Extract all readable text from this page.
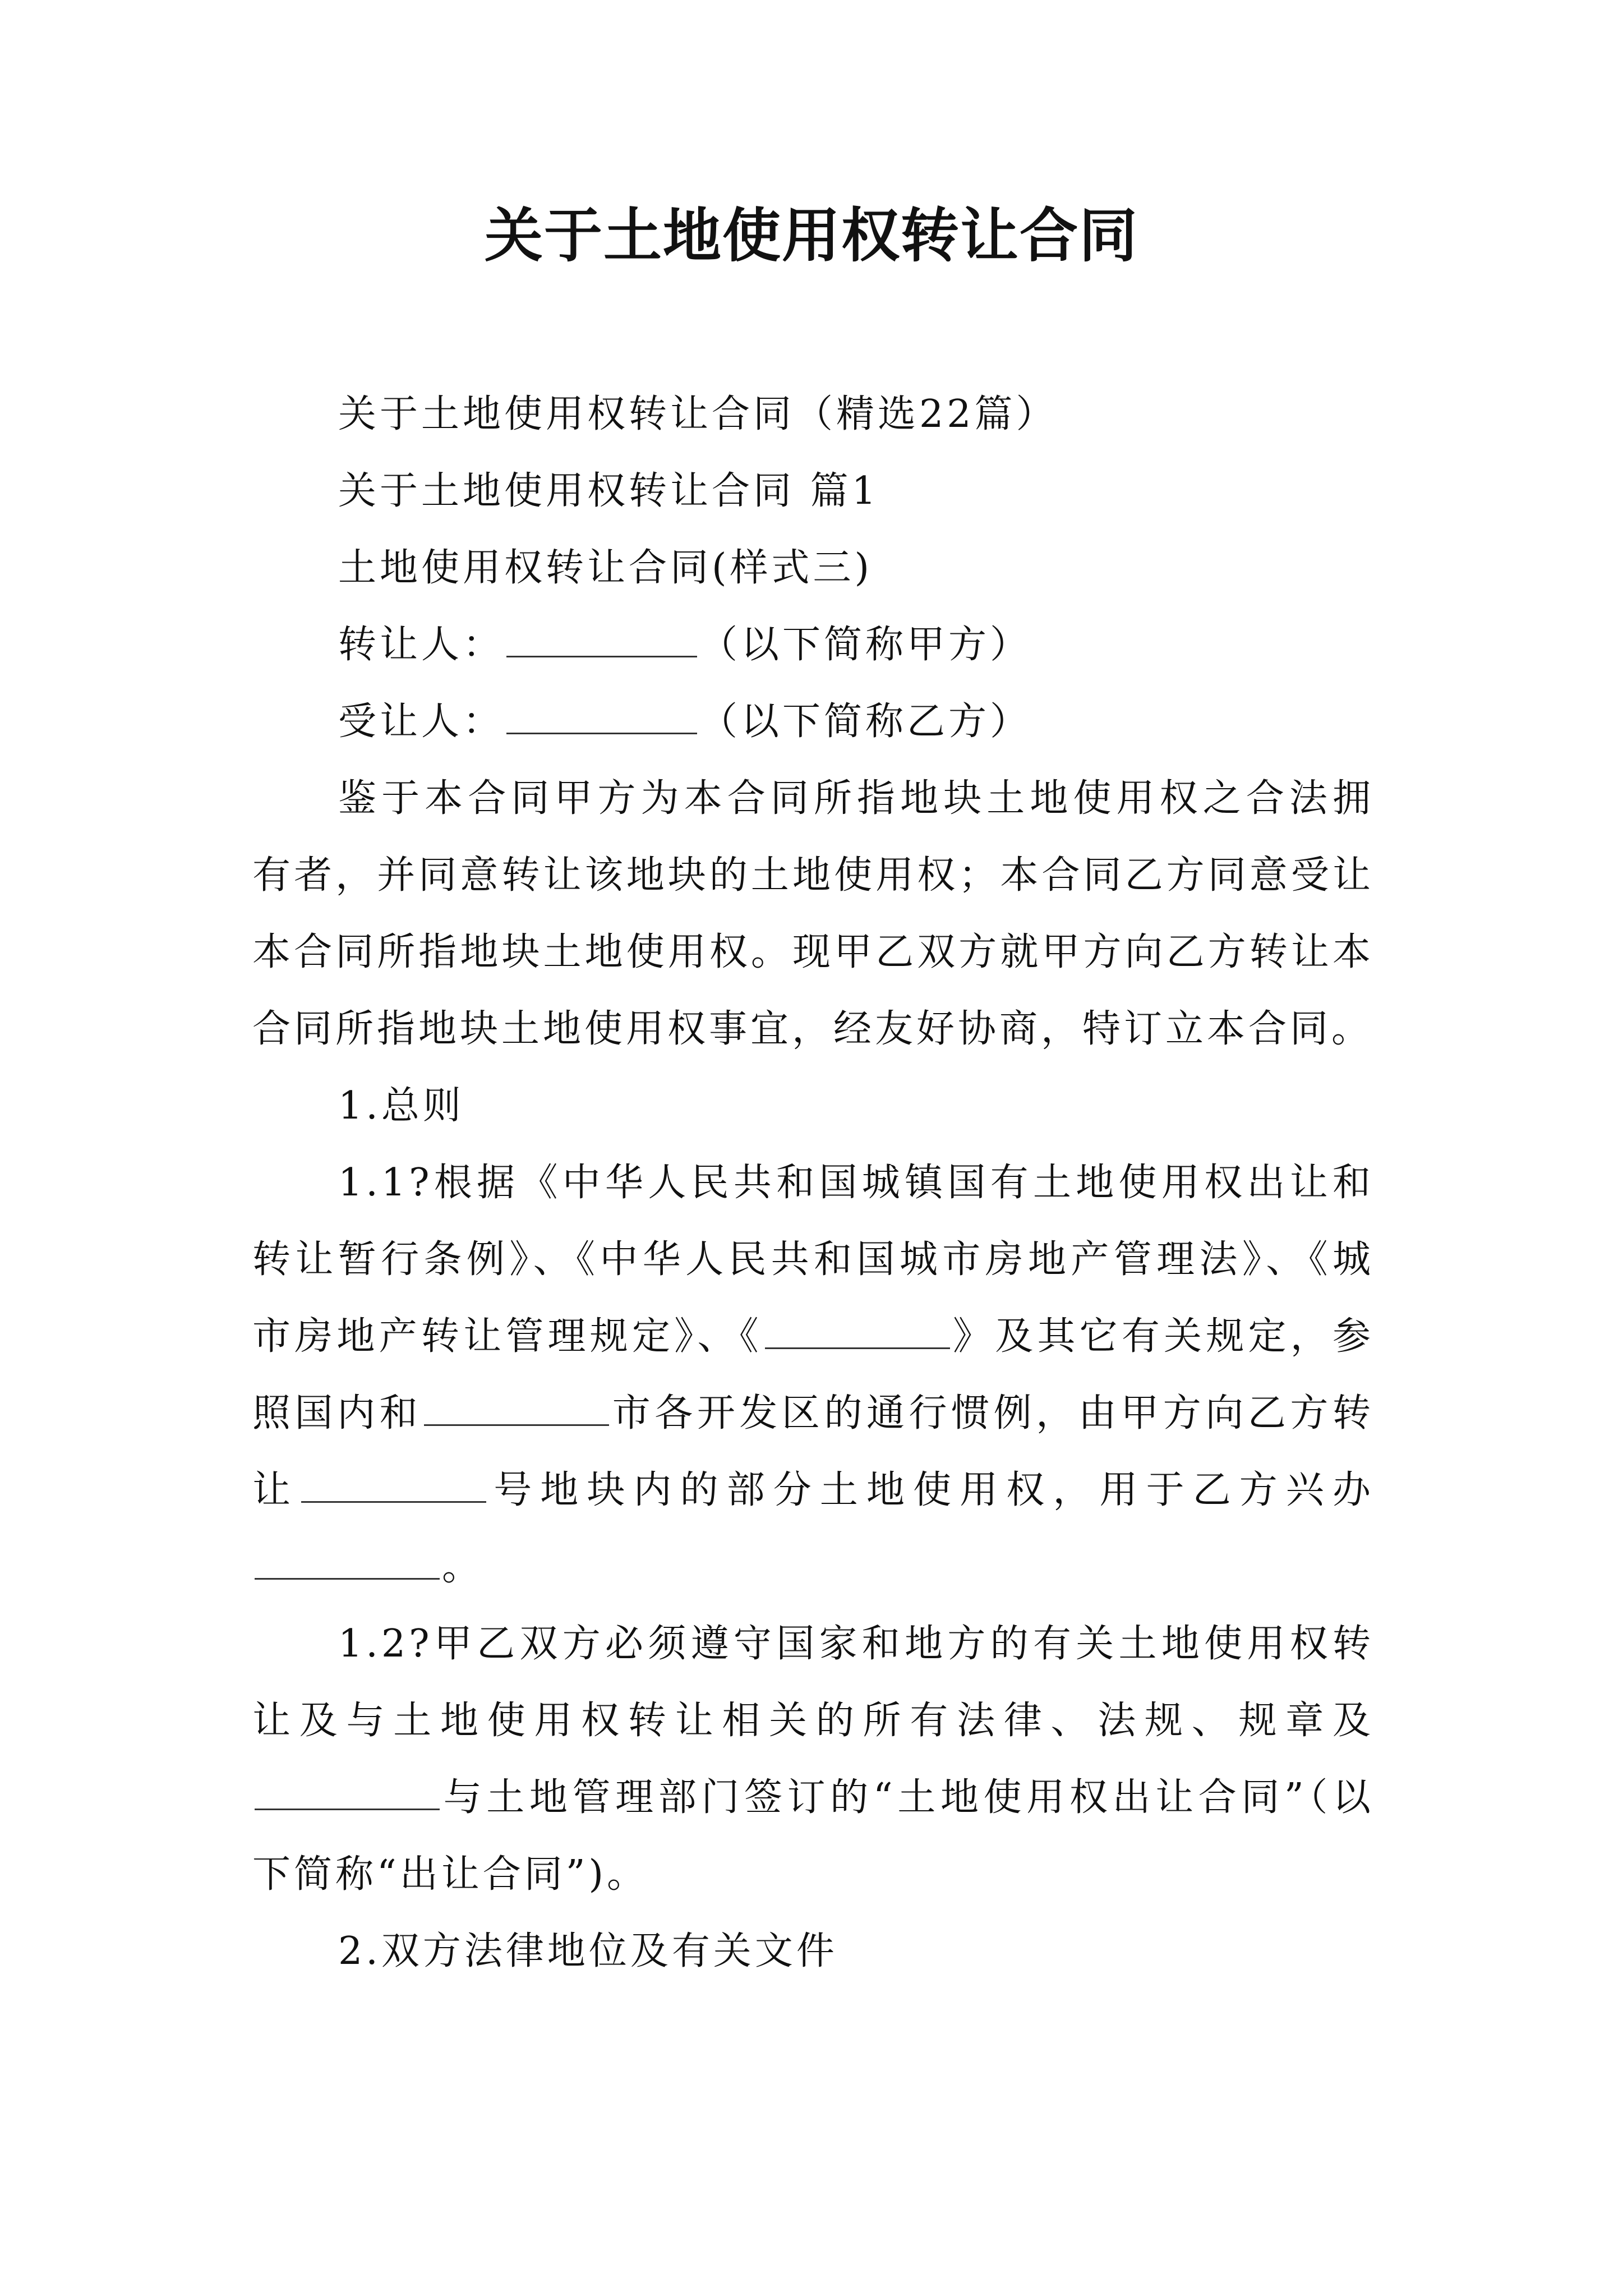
关于土地使用权转让合同

关于土地使用权转让合同（精选22篇）

关于土地使用权转让合同 篇1

土地使用权转让合同(样式三)

转让人：	（以下简称甲方）

受让人：	（以下简称乙方）

鉴于本合同甲方为本合同所指地块土地使用权之合法拥有者，并同意转让该地块的土地使用权；本合同乙方同意受让本合同所指地块土地使用权。现甲乙双方就甲方向乙方转让本合同所指地块土地使用权事宜，经友好协商，特订立本合同。

1.总则

1.1?根据《中华人民共和国城镇国有土地使用权出让和转让暂行条例》、《中华人民共和国城市房地产管理法》、《城市房地产转让管理规定》、《	》及其它有关规定，参照国内和	市各开发区的通行惯例，由甲方向乙方转让	号地块内的部分土地使用权，用于乙方兴办。

1.2?甲乙双方必须遵守国家和地方的有关土地使用权转让及与土地使用权转让相关的所有法律、法规、规章及与土地管理部门签订的“土地使用权出让合同”（以下简称“出让合同”)。

2.双方法律地位及有关文件
